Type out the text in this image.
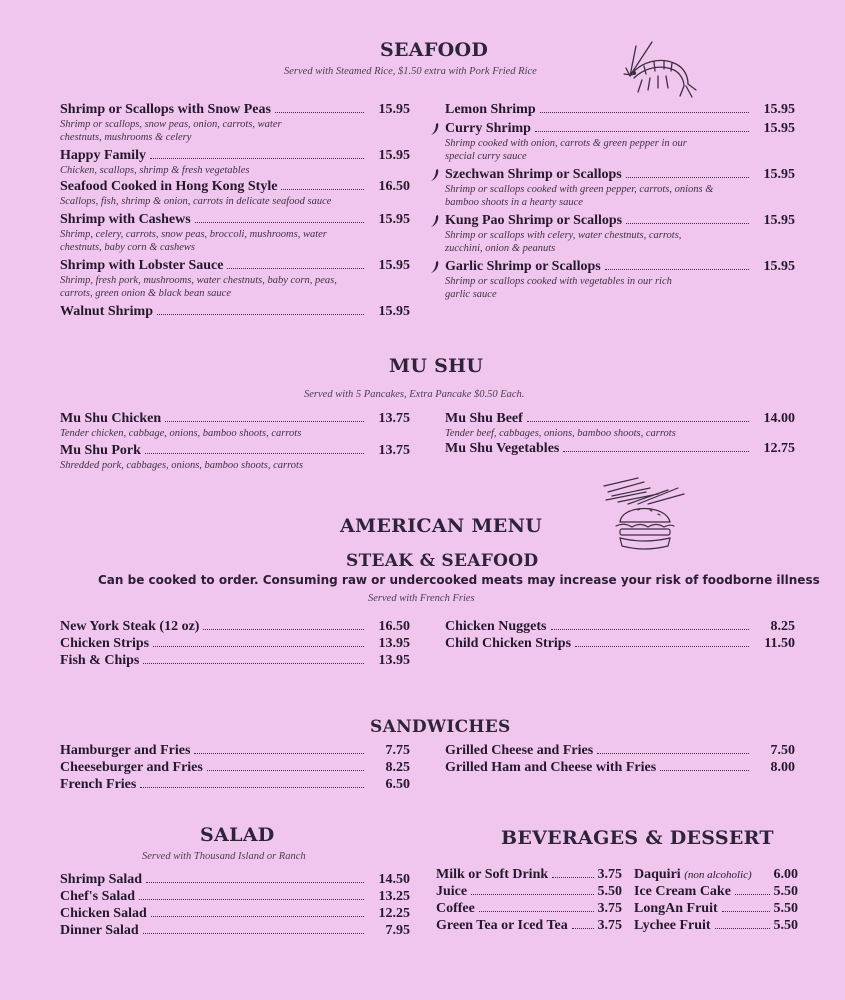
SEAFOOD
Served with Steamed Rice, $1.50 extra with Pork Fried Rice
Shrimp or Scallops with Snow Peas	15.95
Shrimp or scallops, snow peas, onion, carrots, water chestnuts, mushrooms & celery
Happy Family	15.95
Chicken, scallops, shrimp & fresh vegetables
Seafood Cooked in Hong Kong Style	16.50
Scallops, fish, shrimp & onion, carrots in delicate seafood sauce
Shrimp with Cashews	15.95
Shrimp, celery, carrots, snow peas, broccoli, mushrooms, water chestnuts, baby corn & cashews
Shrimp with Lobster Sauce	15.95
Shrimp, fresh pork, mushrooms, water chestnuts, baby corn, peas, carrots, green onion & black bean sauce
Walnut Shrimp	15.95
Lemon Shrimp	15.95
Curry Shrimp	15.95
Shrimp cooked with onion, carrots & green pepper in our special curry sauce
Szechwan Shrimp or Scallops	15.95
Shrimp or scallops cooked with green pepper, carrots, onions & bamboo shoots in a hearty sauce
Kung Pao Shrimp or Scallops	15.95
Shrimp or scallops with celery, water chestnuts, carrots, zucchini, onion & peanuts
Garlic Shrimp or Scallops	15.95
Shrimp or scallops cooked with vegetables in our rich garlic sauce
MU SHU
Served with 5 Pancakes, Extra Pancake $0.50 Each.
Mu Shu Chicken	13.75
Tender chicken, cabbage, onions, bamboo shoots, carrots
Mu Shu Pork	13.75
Shredded pork, cabbages, onions, bamboo shoots, carrots
Mu Shu Beef	14.00
Tender beef, cabbages, onions, bamboo shoots, carrots
Mu Shu Vegetables	12.75
AMERICAN MENU
STEAK & SEAFOOD
Can be cooked to order. Consuming raw or undercooked meats may increase your risk of foodborne illness
Served with French Fries
New York Steak (12 oz)	16.50
Chicken Strips	13.95
Fish & Chips	13.95
Chicken Nuggets	8.25
Child Chicken Strips	11.50
SANDWICHES
Hamburger and Fries	7.75
Cheeseburger and Fries	8.25
French Fries	6.50
Grilled Cheese and Fries	7.50
Grilled Ham and Cheese with Fries	8.00
SALAD
Served with Thousand Island or Ranch
Shrimp Salad	14.50
Chef's Salad	13.25
Chicken Salad	12.25
Dinner Salad	7.95
BEVERAGES & DESSERT
Milk or Soft Drink	3.75
Juice	5.50
Coffee	3.75
Green Tea or Iced Tea 3.75
Daquiri (non alcoholic) 6.00
Ice Cream Cake	5.50
LongAn Fruit	5.50
Lychee Fruit	5.50
